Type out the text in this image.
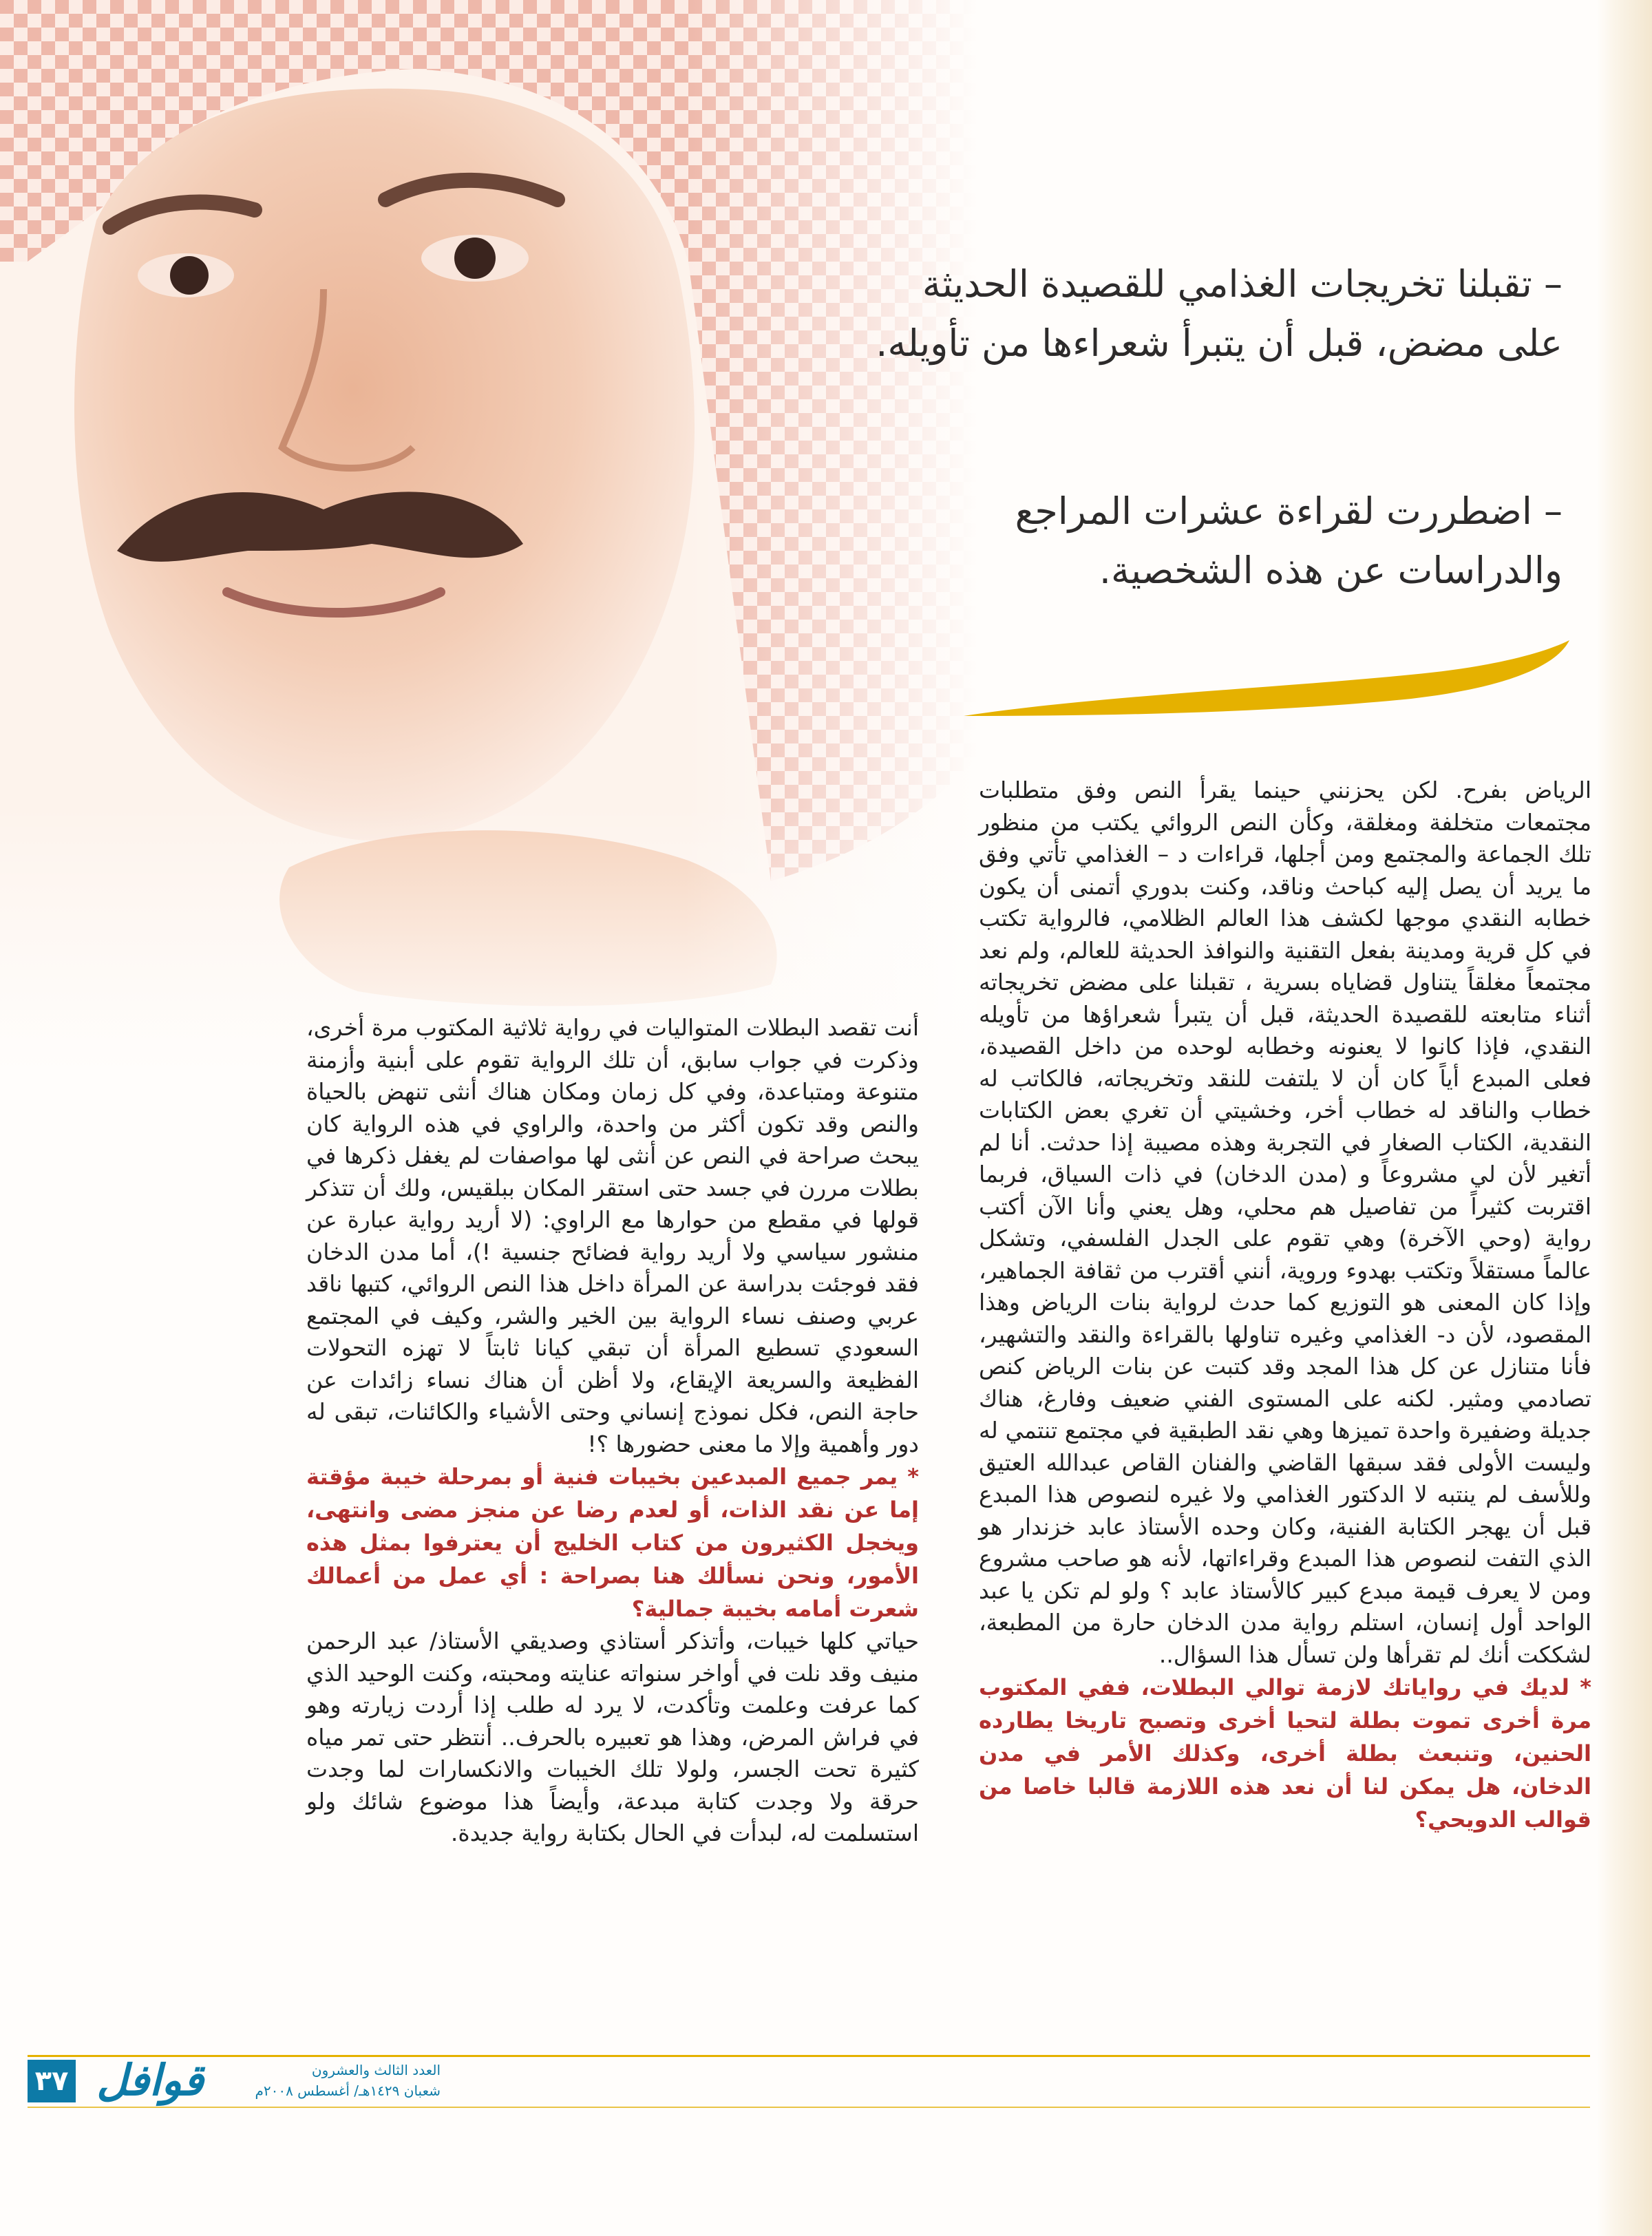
– تقبلنا تخريجات الغذامي للقصيدة الحديثة على مضض، قبل أن يتبرأ شعراءها من تأويله.
– اضطررت لقراءة عشرات المراجع والدراسات عن هذه الشخصية.

الرياض بفرح. لكن يحزنني حينما يقرأ النص وفق متطلبات مجتمعات متخلفة ومغلقة، وكأن النص الروائي يكتب من منظور تلك الجماعة والمجتمع ومن أجلها، قراءات د – الغذامي تأتي وفق ما يريد أن يصل إليه كباحث وناقد، وكنت بدوري أتمنى أن يكون خطابه النقدي موجها لكشف هذا العالم الظلامي، فالرواية تكتب في كل قرية ومدينة بفعل التقنية والنوافذ الحديثة للعالم، ولم نعد مجتمعاً مغلقاً يتناول قضاياه بسرية ، تقبلنا على مضض تخريجاته أثناء متابعته للقصيدة الحديثة، قبل أن يتبرأ شعراؤها من تأويله النقدي، فإذا كانوا لا يعنونه وخطابه لوحده من داخل القصيدة، فعلى المبدع أياً كان أن لا يلتفت للنقد وتخريجاته، فالكاتب له خطاب والناقد له خطاب أخر، وخشيتي أن تغري بعض الكتابات النقدية، الكتاب الصغار في التجربة وهذه مصيبة إذا حدثت. أنا لم أتغير لأن لي مشروعاً و (مدن الدخان) في ذات السياق، فربما اقتربت كثيراً من تفاصيل هم محلي، وهل يعني وأنا الآن أكتب رواية (وحي الآخرة) وهي تقوم على الجدل الفلسفي، وتشكل عالماً مستقلاً وتكتب بهدوء وروية، أنني أقترب من ثقافة الجماهير، وإذا كان المعنى هو التوزيع كما حدث لرواية بنات الرياض وهذا المقصود، لأن د- الغذامي وغيره تناولها بالقراءة والنقد والتشهير، فأنا متنازل عن كل هذا المجد وقد كتبت عن بنات الرياض كنص تصادمي ومثير. لكنه على المستوى الفني ضعيف وفارغ، هناك جديلة وضفيرة واحدة تميزها وهي نقد الطبقية في مجتمع تنتمي له وليست الأولى فقد سبقها القاضي والفنان القاص عبدالله العتيق وللأسف لم ينتبه لا الدكتور الغذامي ولا غيره لنصوص هذا المبدع قبل أن يهجر الكتابة الفنية، وكان وحده الأستاذ عابد خزندار هو الذي التفت لنصوص هذا المبدع وقراءاتها، لأنه هو صاحب مشروع ومن لا يعرف قيمة مبدع كبير كالأستاذ عابد ؟ ولو لم تكن يا عبد الواحد أول إنسان، استلم رواية مدن الدخان حارة من المطبعة، لشككت أنك لم تقرأها ولن تسأل هذا السؤال..

* لديك في رواياتك لازمة توالي البطلات، ففي المكتوب مرة أخرى تموت بطلة لتحيا أخرى وتصبح تاريخا يطارده الحنين، وتنبعث بطلة أخرى، وكذلك الأمر في مدن الدخان، هل يمكن لنا أن نعد هذه اللازمة قالبا خاصا من قوالب الدويحي؟

أنت تقصد البطلات المتواليات في رواية ثلاثية المكتوب مرة أخرى، وذكرت في جواب سابق، أن تلك الرواية تقوم على أبنية وأزمنة متنوعة ومتباعدة، وفي كل زمان ومكان هناك أنثى تنهض بالحياة والنص وقد تكون أكثر من واحدة، والراوي في هذه الرواية كان يبحث صراحة في النص عن أنثى لها مواصفات لم يغفل ذكرها في بطلات مررن في جسد حتى استقر المكان ببلقيس، ولك أن تتذكر قولها في مقطع من حوارها مع الراوي: (لا أريد رواية عبارة عن منشور سياسي ولا أريد رواية فضائح جنسية !)، أما مدن الدخان فقد فوجئت بدراسة عن المرأة داخل هذا النص الروائي، كتبها ناقد عربي وصنف نساء الرواية بين الخير والشر، وكيف في المجتمع السعودي تسطيع المرأة أن تبقي كيانا ثابتاً لا تهزه التحولات الفظيعة والسريعة الإيقاع، ولا أظن أن هناك نساء زائدات عن حاجة النص، فكل نموذج إنساني وحتى الأشياء والكائنات، تبقى له دور وأهمية وإلا ما معنى حضورها ؟!

* يمر جميع المبدعين بخيبات فنية أو بمرحلة خيبة مؤقتة إما عن نقد الذات، أو لعدم رضا عن منجز مضى وانتهى، ويخجل الكثيرون من كتاب الخليج أن يعترفوا بمثل هذه الأمور، ونحن نسألك هنا بصراحة : أي عمل من أعمالك شعرت أمامه بخيبة جمالية؟

حياتي كلها خيبات، وأتذكر أستاذي وصديقي الأستاذ/ عبد الرحمن منيف وقد نلت في أواخر سنواته عنايته ومحبته، وكنت الوحيد الذي كما عرفت وعلمت وتأكدت، لا يرد له طلب إذا أردت زيارته وهو في فراش المرض، وهذا هو تعبيره بالحرف.. أنتظر حتى تمر مياه كثيرة تحت الجسر، ولولا تلك الخيبات والانكسارات لما وجدت حرقة ولا وجدت كتابة مبدعة، وأيضاً هذا موضوع شائك ولو استسلمت له، لبدأت في الحال بكتابة رواية جديدة.

٣٧ قوافل	العدد الثالث والعشرون
شعبان ١٤٢٩هـ/ أغسطس ٢٠٠٨م
